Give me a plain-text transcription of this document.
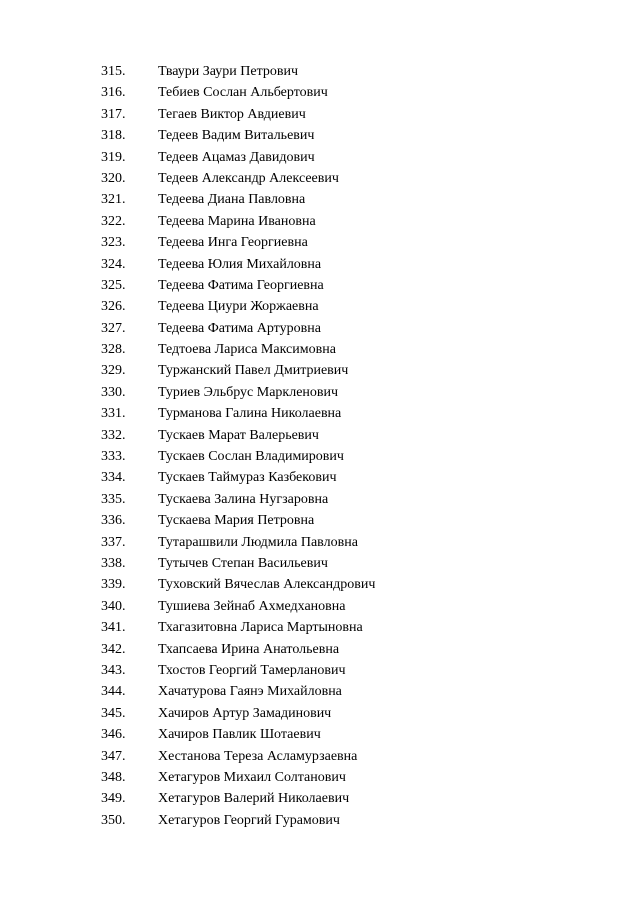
315. Тваури Заури Петрович
316. Тебиев Сослан Альбертович
317. Тегаев Виктор Авдиевич
318. Тедеев Вадим Витальевич
319. Тедеев Ацамаз Давидович
320. Тедеев Александр Алексеевич
321. Тедеева Диана Павловна
322. Тедеева Марина Ивановна
323. Тедеева Инга Георгиевна
324. Тедеева Юлия Михайловна
325. Тедеева Фатима Георгиевна
326. Тедеева Циури Жоржаевна
327. Тедеева Фатима Артуровна
328. Тедтоева Лариса Максимовна
329. Туржанский Павел Дмитриевич
330. Туриев Эльбрус Маркленович
331. Турманова Галина Николаевна
332. Тускаев Марат Валерьевич
333. Тускаев Сослан Владимирович
334. Тускаев Таймураз Казбекович
335. Тускаева Залина Нугзаровна
336. Тускаева Мария Петровна
337. Тутарашвили Людмила Павловна
338. Тутычев Степан Васильевич
339. Туховский Вячеслав Александрович
340. Тушиева Зейнаб Ахмедхановна
341. Тхагазитовна Лариса Мартыновна
342. Тхапсаева Ирина Анатольевна
343. Тхостов Георгий Тамерланович
344. Хачатурова Гаянэ Михайловна
345. Хачиров Артур Замадинович
346. Хачиров Павлик Шотаевич
347. Хестанова Тереза Асламурзаевна
348. Хетагуров Михаил Солтанович
349. Хетагуров Валерий Николаевич
350. Хетагуров Георгий Гурамович
